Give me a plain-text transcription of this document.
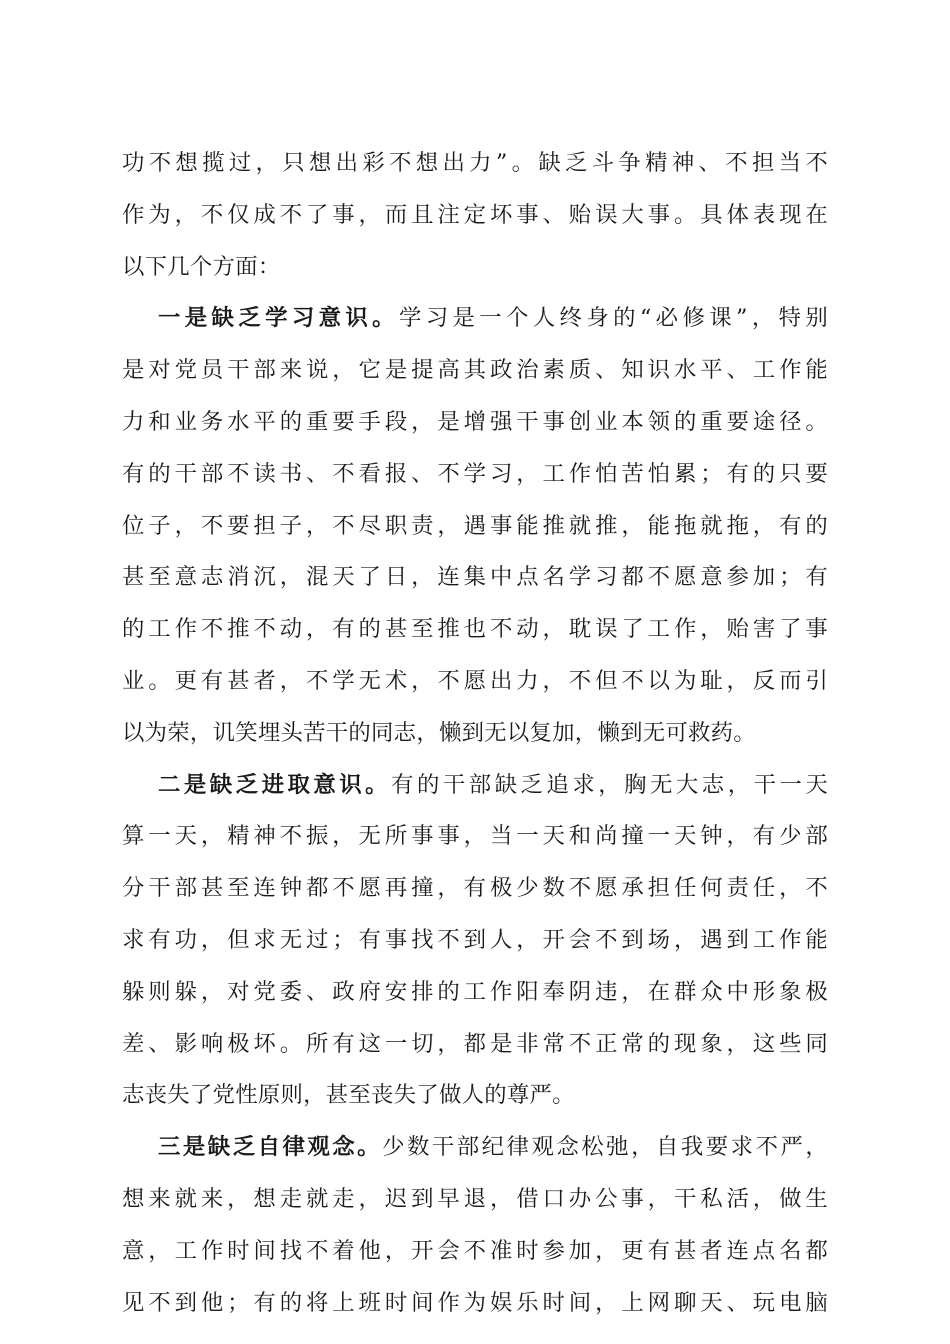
功不想揽过，只想出彩不想出力”。缺乏斗争精神、不担当不
作为，不仅成不了事，而且注定坏事、贻误大事。具体表现在
以下几个方面：
一是缺乏学习意识。学习是一个人终身的“必修课”，特别
是对党员干部来说，它是提高其政治素质、知识水平、工作能
力和业务水平的重要手段，是增强干事创业本领的重要途径。
有的干部不读书、不看报、不学习，工作怕苦怕累；有的只要
位子，不要担子，不尽职责，遇事能推就推，能拖就拖，有的
甚至意志消沉，混天了日，连集中点名学习都不愿意参加；有
的工作不推不动，有的甚至推也不动，耽误了工作，贻害了事
业。更有甚者，不学无术，不愿出力，不但不以为耻，反而引
以为荣，讥笑埋头苦干的同志，懒到无以复加，懒到无可救药。
二是缺乏进取意识。有的干部缺乏追求，胸无大志，干一天
算一天，精神不振，无所事事，当一天和尚撞一天钟，有少部
分干部甚至连钟都不愿再撞，有极少数不愿承担任何责任，不
求有功，但求无过；有事找不到人，开会不到场，遇到工作能
躲则躲，对党委、政府安排的工作阳奉阴违，在群众中形象极
差、影响极坏。所有这一切，都是非常不正常的现象，这些同
志丧失了党性原则，甚至丧失了做人的尊严。
三是缺乏自律观念。少数干部纪律观念松弛，自我要求不严，
想来就来，想走就走，迟到早退，借口办公事，干私活，做生
意，工作时间找不着他，开会不准时参加，更有甚者连点名都
见不到他；有的将上班时间作为娱乐时间，上网聊天、玩电脑
